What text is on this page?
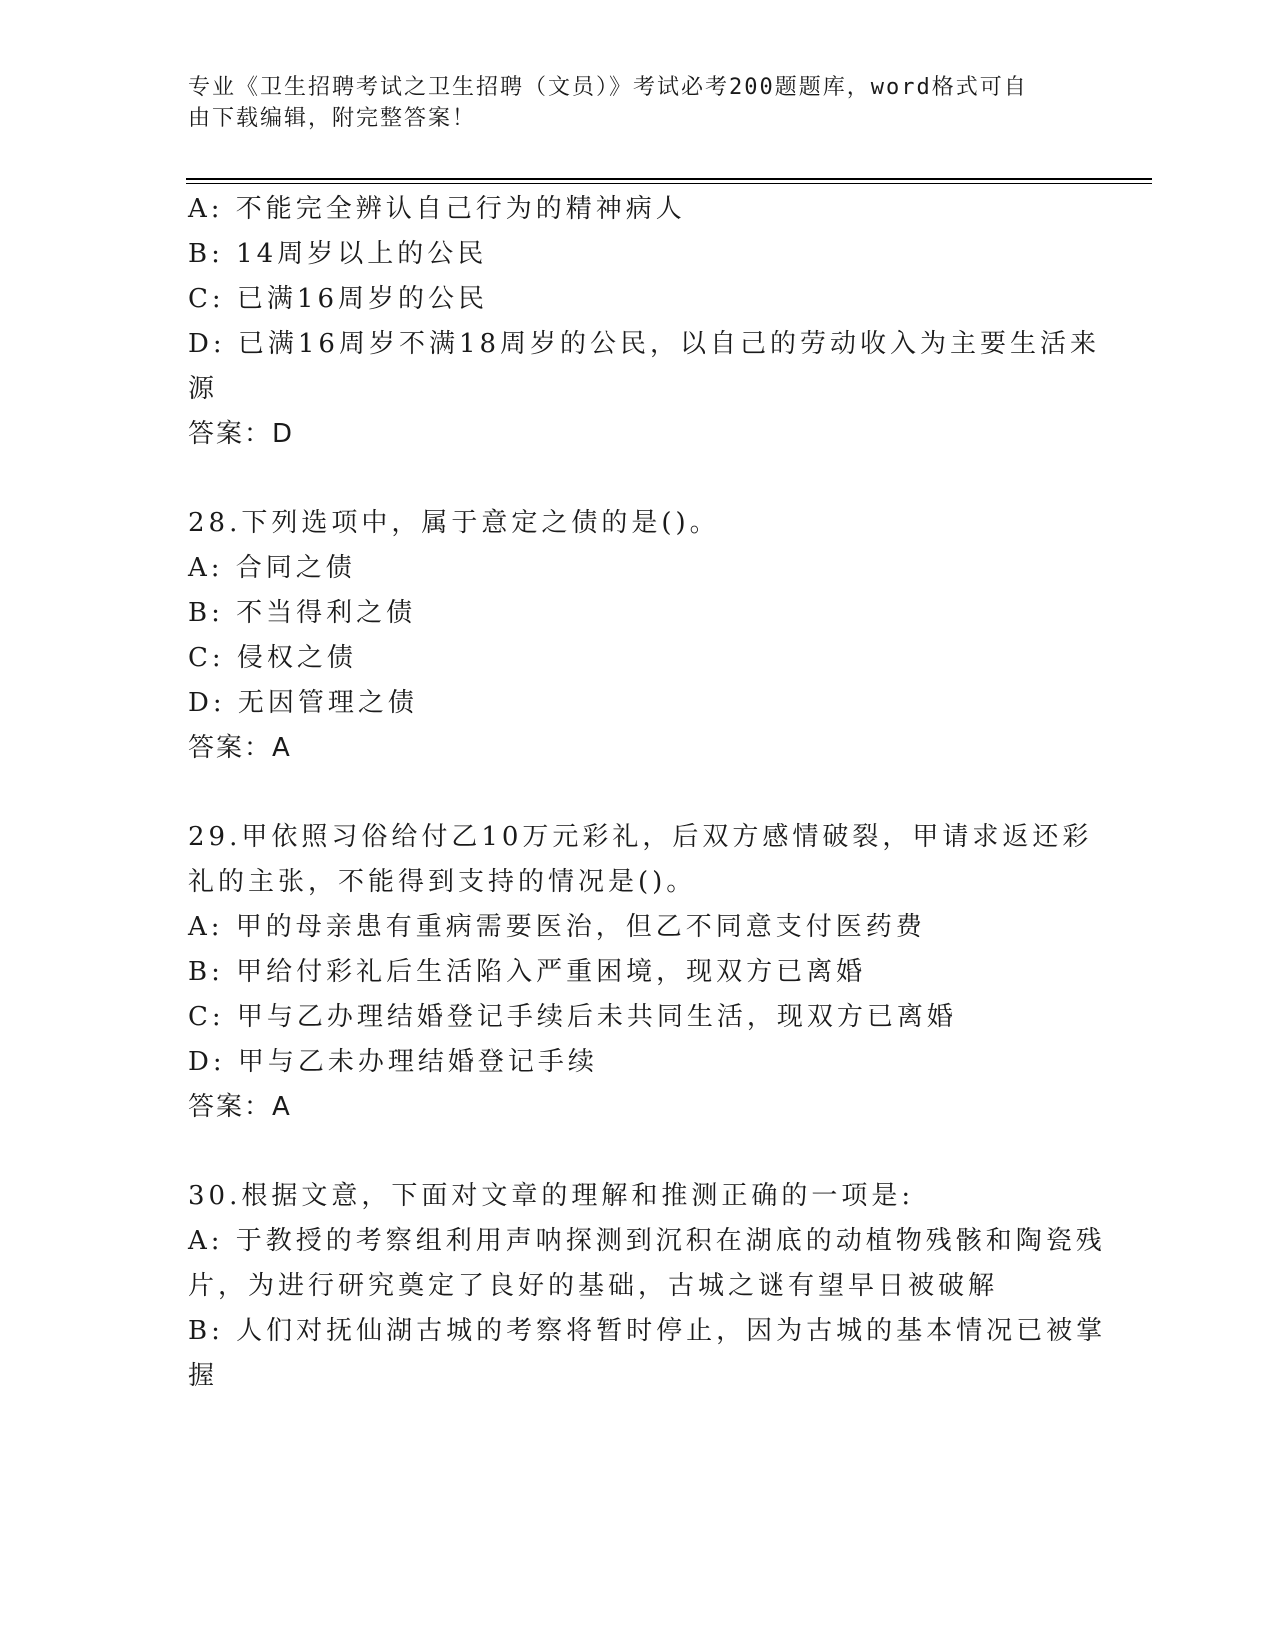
专业《卫生招聘考试之卫生招聘（文员）》考试必考200题题库，word格式可自
由下载编辑，附完整答案！
A: 不能完全辨认自己行为的精神病人
B: 14周岁以上的公民
C: 已满16周岁的公民
D: 已满16周岁不满18周岁的公民，以自己的劳动收入为主要生活来
源
答案：D
28.下列选项中，属于意定之债的是()。
A: 合同之债
B: 不当得利之债
C: 侵权之债
D: 无因管理之债
答案：A
29.甲依照习俗给付乙10万元彩礼，后双方感情破裂，甲请求返还彩
礼的主张，不能得到支持的情况是()。
A: 甲的母亲患有重病需要医治，但乙不同意支付医药费
B: 甲给付彩礼后生活陷入严重困境，现双方已离婚
C: 甲与乙办理结婚登记手续后未共同生活，现双方已离婚
D: 甲与乙未办理结婚登记手续
答案：A
30.根据文意，下面对文章的理解和推测正确的一项是:
A: 于教授的考察组利用声呐探测到沉积在湖底的动植物残骸和陶瓷残
片，为进行研究奠定了良好的基础，古城之谜有望早日被破解
B: 人们对抚仙湖古城的考察将暂时停止，因为古城的基本情况已被掌
握
